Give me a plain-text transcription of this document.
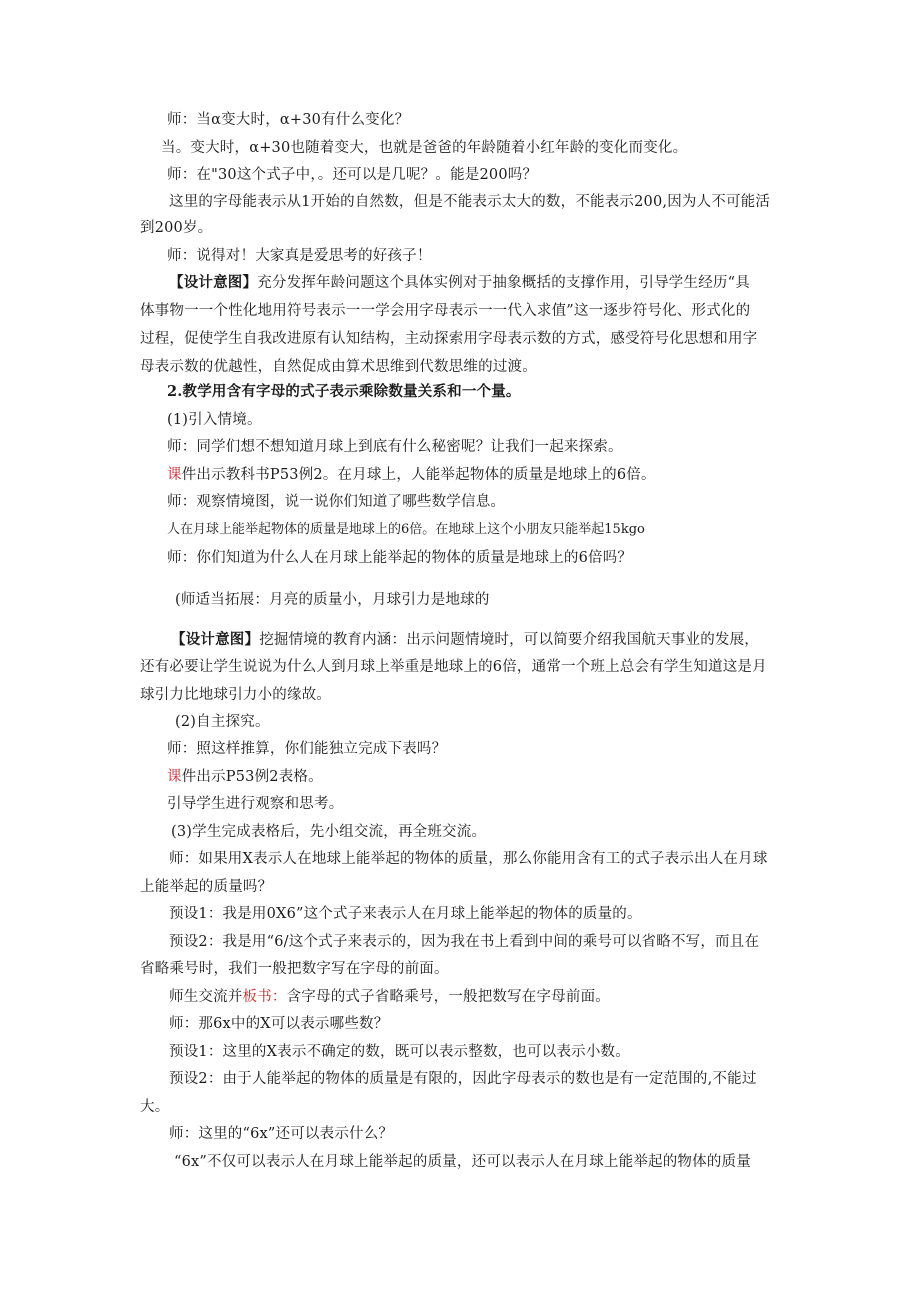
师：当α变大时，α+30有什么变化？
当。变大时，α+30也随着变大，也就是爸爸的年龄随着小红年龄的变化而变化。
师：在"30这个式子中，。还可以是几呢？。能是200吗？
这里的字母能表示从1开始的自然数，但是不能表示太大的数，不能表示200,因为人不可能活
到200岁。
师：说得对！大家真是爱思考的好孩子！
【设计意图】充分发挥年龄问题这个具体实例对于抽象概括的支撑作用，引导学生经历“具
体事物一一个性化地用符号表示一一学会用字母表示一一代入求值”这一逐步符号化、形式化的
过程，促使学生自我改进原有认知结构，主动探索用字母表示数的方式，感受符号化思想和用字
母表示数的优越性，自然促成由算术思维到代数思维的过渡。
2.教学用含有字母的式子表示乘除数量关系和一个量。
(1)引入情境。
师：同学们想不想知道月球上到底有什么秘密呢？让我们一起来探索。
课件出示教科书P53例2。在月球上，人能举起物体的质量是地球上的6倍。
师：观察情境图，说一说你们知道了哪些数学信息。
人在月球上能举起物体的质量是地球上的6倍。在地球上这个小朋友只能举起15kgo
师：你们知道为什么人在月球上能举起的物体的质量是地球上的6倍吗？
(师适当拓展：月亮的质量小，月球引力是地球的
【设计意图】挖掘情境的教育内涵：出示问题情境时，可以简要介绍我国航天事业的发展，
还有必要让学生说说为什么人到月球上举重是地球上的6倍，通常一个班上总会有学生知道这是月
球引力比地球引力小的缘故。
(2)自主探究。
师：照这样推算，你们能独立完成下表吗？
课件出示P53例2表格。
引导学生进行观察和思考。
(3)学生完成表格后，先小组交流，再全班交流。
师：如果用X表示人在地球上能举起的物体的质量，那么你能用含有工的式子表示出人在月球
上能举起的质量吗？
预设1：我是用0X6”这个式子来表示人在月球上能举起的物体的质量的。
预设2：我是用“6/这个式子来表示的，因为我在书上看到中间的乘号可以省略不写，而且在
省略乘号时，我们一般把数字写在字母的前面。
师生交流并板书：含字母的式子省略乘号，一般把数写在字母前面。
师：那6x中的X可以表示哪些数？
预设1：这里的X表示不确定的数，既可以表示整数，也可以表示小数。
预设2：由于人能举起的物体的质量是有限的，因此字母表示的数也是有一定范围的,不能过
大。
师：这里的“6x”还可以表示什么？
“6x”不仅可以表示人在月球上能举起的质量，还可以表示人在月球上能举起的物体的质量
